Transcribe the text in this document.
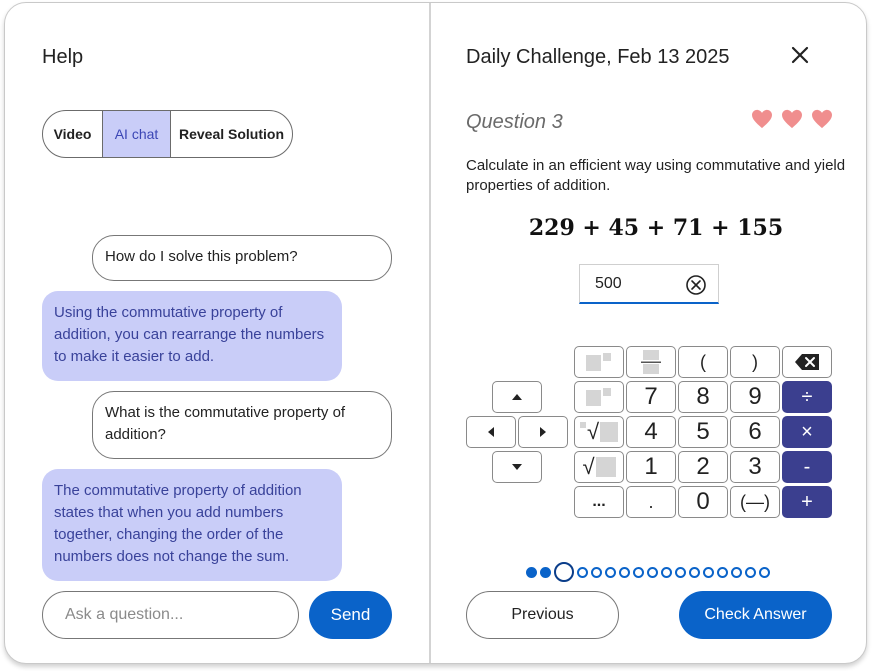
Help
Video	AI chat	Reveal Solution
How do I solve this problem?
Using the commutative property of addition, you can rearrange the numbers to make it easier to add.
What is the commutative property of addition?
The commutative property of addition states that when you add numbers together, changing the order of the numbers does not change the sum.
Ask a question...
Send
Daily Challenge, Feb 13 2025
Question 3
Calculate in an efficient way using commutative and yield properties of addition.
229 + 45 + 71 + 155
500
(	)
7	8	9	÷
√	4	5	6	×
√	1	2	3	-
...	.	0	(—)	+
Previous	Check Answer
